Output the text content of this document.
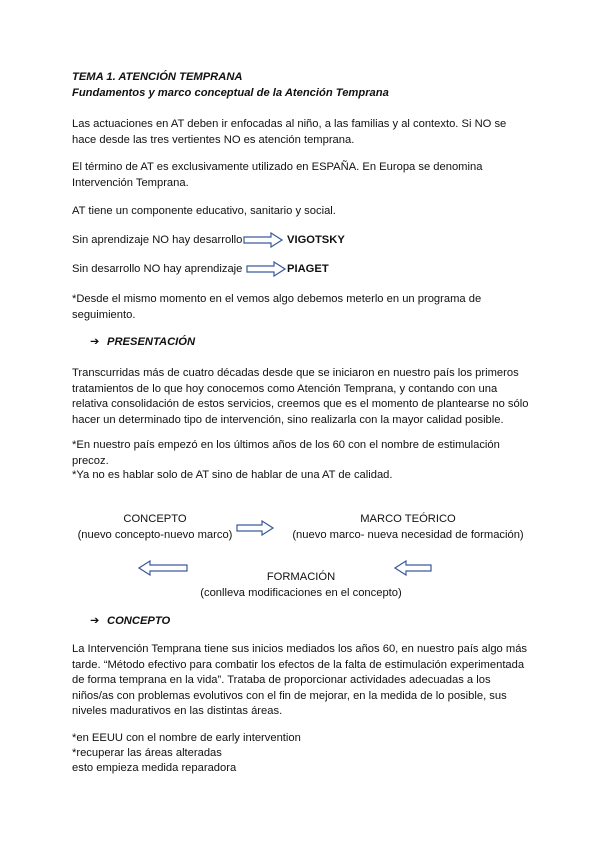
TEMA 1. ATENCIÓN TEMPRANA
Fundamentos y marco conceptual de la Atención Temprana

Las actuaciones en AT deben ir enfocadas al niño, a las familias y al contexto. Si NO se hace desde las tres vertientes NO es atención temprana.

El término de AT es exclusivamente utilizado en ESPAÑA. En Europa se denomina Intervención Temprana.

AT tiene un componente educativo, sanitario y social.

Sin aprendizaje NO hay desarrollo	VIGOTSKY
Sin desarrollo NO hay aprendizaje	PIAGET

*Desde el mismo momento en el vemos algo debemos meterlo en un programa de seguimiento.

➔ PRESENTACIÓN

Transcurridas más de cuatro décadas desde que se iniciaron en nuestro país los primeros tratamientos de lo que hoy conocemos como Atención Temprana, y contando con una relativa consolidación de estos servicios, creemos que es el momento de plantearse no sólo hacer un determinado tipo de intervención, sino realizarla con la mayor calidad posible.

*En nuestro país empezó en los últimos años de los 60 con el nombre de estimulación precoz.

*Ya no es hablar solo de AT sino de hablar de una AT de calidad.

CONCEPTO
(nuevo concepto-nuevo marco)
MARCO TEÓRICO
(nuevo marco- nueva necesidad de formación)
FORMACIÓN
(conlleva modificaciones en el concepto)
➔ CONCEPTO

La Intervención Temprana tiene sus inicios mediados los años 60, en nuestro país algo más tarde. “Método efectivo para combatir los efectos de la falta de estimulación experimentada de forma temprana en la vida”. Trataba de proporcionar actividades adecuadas a los niños/as con problemas evolutivos con el fin de mejorar, en la medida de lo posible, sus niveles madurativos en las distintas áreas.

*en EEUU con el nombre de early intervention

*recuperar las áreas alteradas

esto empieza medida reparadora
